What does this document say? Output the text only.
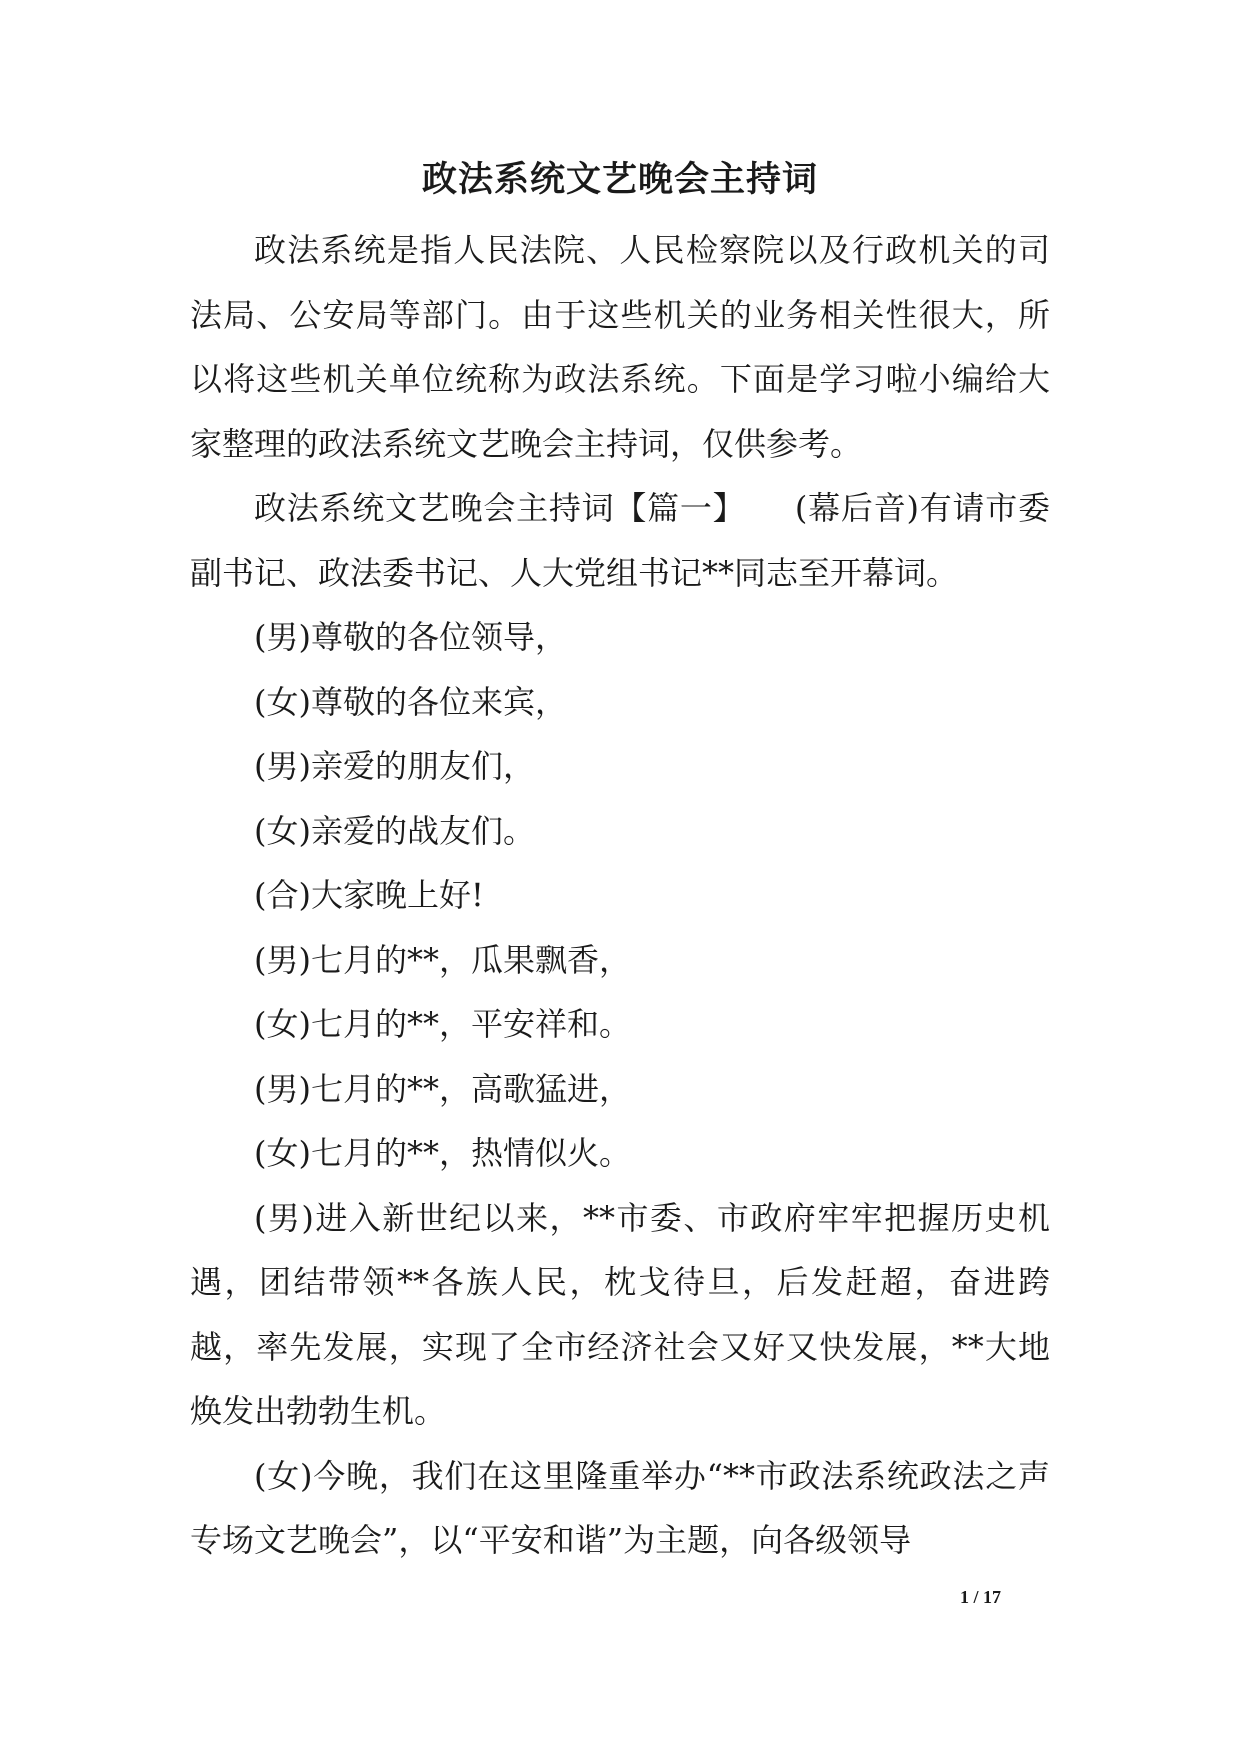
政法系统文艺晚会主持词

政法系统是指人民法院、人民检察院以及行政机关的司法局、公安局等部门。由于这些机关的业务相关性很大，所以将这些机关单位统称为政法系统。下面是学习啦小编给大家整理的政法系统文艺晚会主持词，仅供参考。

政法系统文艺晚会主持词【篇一】　　(幕后音)有请市委副书记、政法委书记、人大党组书记**同志至开幕词。

(男)尊敬的各位领导，

(女)尊敬的各位来宾，

(男)亲爱的朋友们，

(女)亲爱的战友们。

(合)大家晚上好!

(男)七月的**，瓜果飘香，

(女)七月的**，平安祥和。

(男)七月的**，高歌猛进，

(女)七月的**，热情似火。

(男)进入新世纪以来，**市委、市政府牢牢把握历史机遇，团结带领**各族人民，枕戈待旦，后发赶超，奋进跨越，率先发展，实现了全市经济社会又好又快发展，**大地焕发出勃勃生机。

(女)今晚，我们在这里隆重举办“**市政法系统政法之声专场文艺晚会”，以“平安和谐”为主题，向各级领导

1 / 17
